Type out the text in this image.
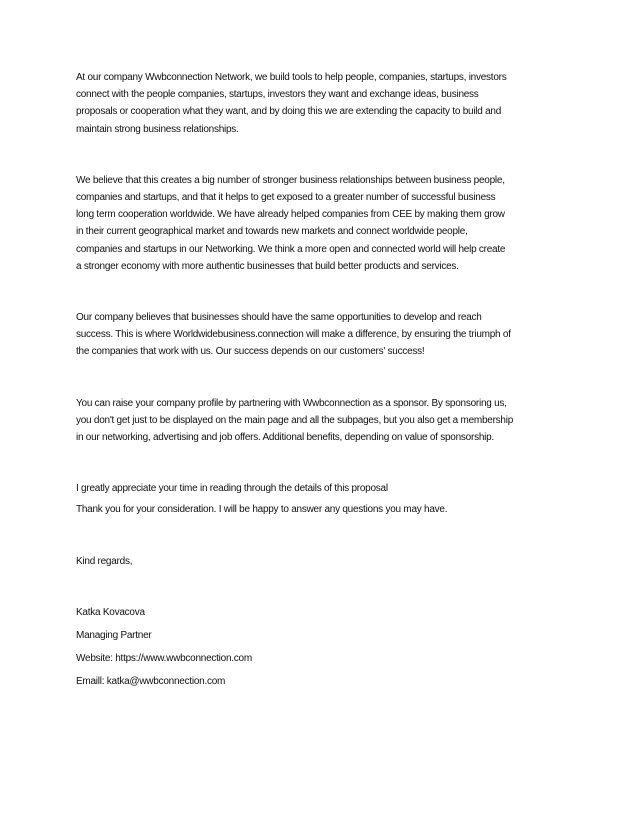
At our company Wwbconnection Network, we build tools to help people, companies, startups, investors
connect with the people companies, startups, investors they want and exchange ideas, business
proposals or cooperation what they want, and by doing this we are extending the capacity to build and
maintain strong business relationships.

We believe that this creates a big number of stronger business relationships between business people,
companies and startups, and that it helps to get exposed to a greater number of successful business
long term cooperation worldwide. We have already helped companies from CEE by making them grow
in their current geographical market and towards new markets and connect worldwide people,
companies and startups in our Networking. We think a more open and connected world will help create
a stronger economy with more authentic businesses that build better products and services.

Our company believes that businesses should have the same opportunities to develop and reach
success. This is where Worldwidebusiness.connection will make a difference, by ensuring the triumph of
the companies that work with us. Our success depends on our customers' success!

You can raise your company profile by partnering with Wwbconnection as a sponsor. By sponsoring us,
you don't get just to be displayed on the main page and all the subpages, but you also get a membership
in our networking, advertising and job offers. Additional benefits, depending on value of sponsorship.

I greatly appreciate your time in reading through the details of this proposal

Thank you for your consideration. I will be happy to answer any questions you may have.

Kind regards,

Katka Kovacova

Managing Partner

Website: https://www.wwbconnection.com

Emaill: katka@wwbconnection.com
